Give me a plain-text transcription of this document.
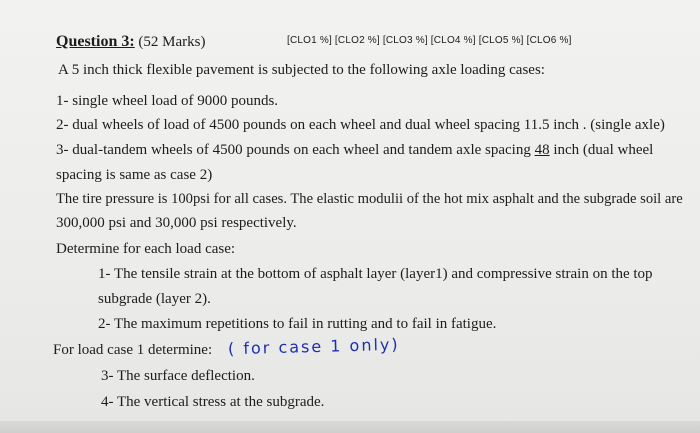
Question 3: (52 Marks)	[CLO1 %] [CLO2 %] [CLO3 %] [CLO4 %] [CLO5 %] [CLO6 %]
A 5 inch thick flexible pavement is subjected to the following axle loading cases:
1- single wheel load of 9000 pounds.
2- dual wheels of load of 4500 pounds on each wheel and dual wheel spacing 11.5 inch . (single axle)
3- dual-tandem wheels of 4500 pounds on each wheel and tandem axle spacing 48 inch (dual wheel
spacing is same as case 2)
The tire pressure is 100psi for all cases. The elastic modulii of the hot mix asphalt and the subgrade soil are
300,000 psi and 30,000 psi respectively.
Determine for each load case:
1- The tensile strain at the bottom of asphalt layer (layer1) and compressive strain on the top
subgrade (layer 2).
2- The maximum repetitions to fail in rutting and to fail in fatigue.
For load case 1 determine: ( for case 1 only)
3- The surface deflection.
4- The vertical stress at the subgrade.
